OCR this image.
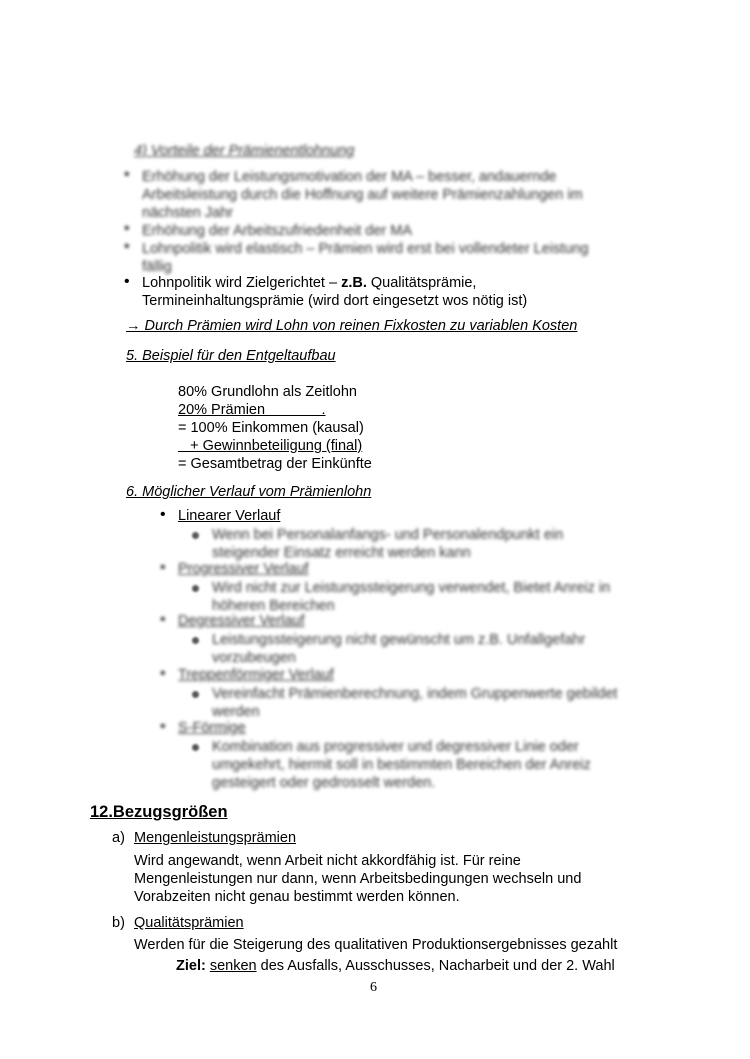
4) Vorteile der Prämienentlohnung
• Erhöhung der Leistungsmotivation der MA – besser, andauernde
Arbeitsleistung durch die Hoffnung auf weitere Prämienzahlungen im
nächsten Jahr
• Erhöhung der Arbeitszufriedenheit der MA
• Lohnpolitik wird elastisch – Prämien wird erst bei vollendeter Leistung
fällig
• Lohnpolitik wird Zielgerichtet – z.B. Qualitätsprämie,
Termineinhaltungsprämie (wird dort eingesetzt wos nötig ist)
→ Durch Prämien wird Lohn von reinen Fixkosten zu variablen Kosten
5. Beispiel für den Entgeltaufbau
80% Grundlohn als Zeitlohn
20% Prämien              .
= 100% Einkommen (kausal)
+ Gewinnbeteiligung (final)
= Gesamtbetrag der Einkünfte
6. Möglicher Verlauf vom Prämienlohn
• Linearer Verlauf
Wenn bei Personalanfangs- und Personalendpunkt ein
steigender Einsatz erreicht werden kann
• Progressiver Verlauf
Wird nicht zur Leistungssteigerung verwendet, Bietet Anreiz in
höheren Bereichen
• Degressiver Verlauf
Leistungssteigerung nicht gewünscht um z.B. Unfallgefahr
vorzubeugen
• Treppenförmiger Verlauf
Vereinfacht Prämienberechnung, indem Gruppenwerte gebildet
werden
• S-Förmige
Kombination aus progressiver und degressiver Linie oder
umgekehrt, hiermit soll in bestimmten Bereichen der Anreiz
gesteigert oder gedrosselt werden.
12.Bezugsgrößen
a) Mengenleistungsprämien
Wird angewandt, wenn Arbeit nicht akkordfähig ist. Für reine
Mengenleistungen nur dann, wenn Arbeitsbedingungen wechseln und
Vorabzeiten nicht genau bestimmt werden können.
b) Qualitätsprämien
Werden für die Steigerung des qualitativen Produktionsergebnisses gezahlt
Ziel: senken des Ausfalls, Ausschusses, Nacharbeit und der 2. Wahl
6
